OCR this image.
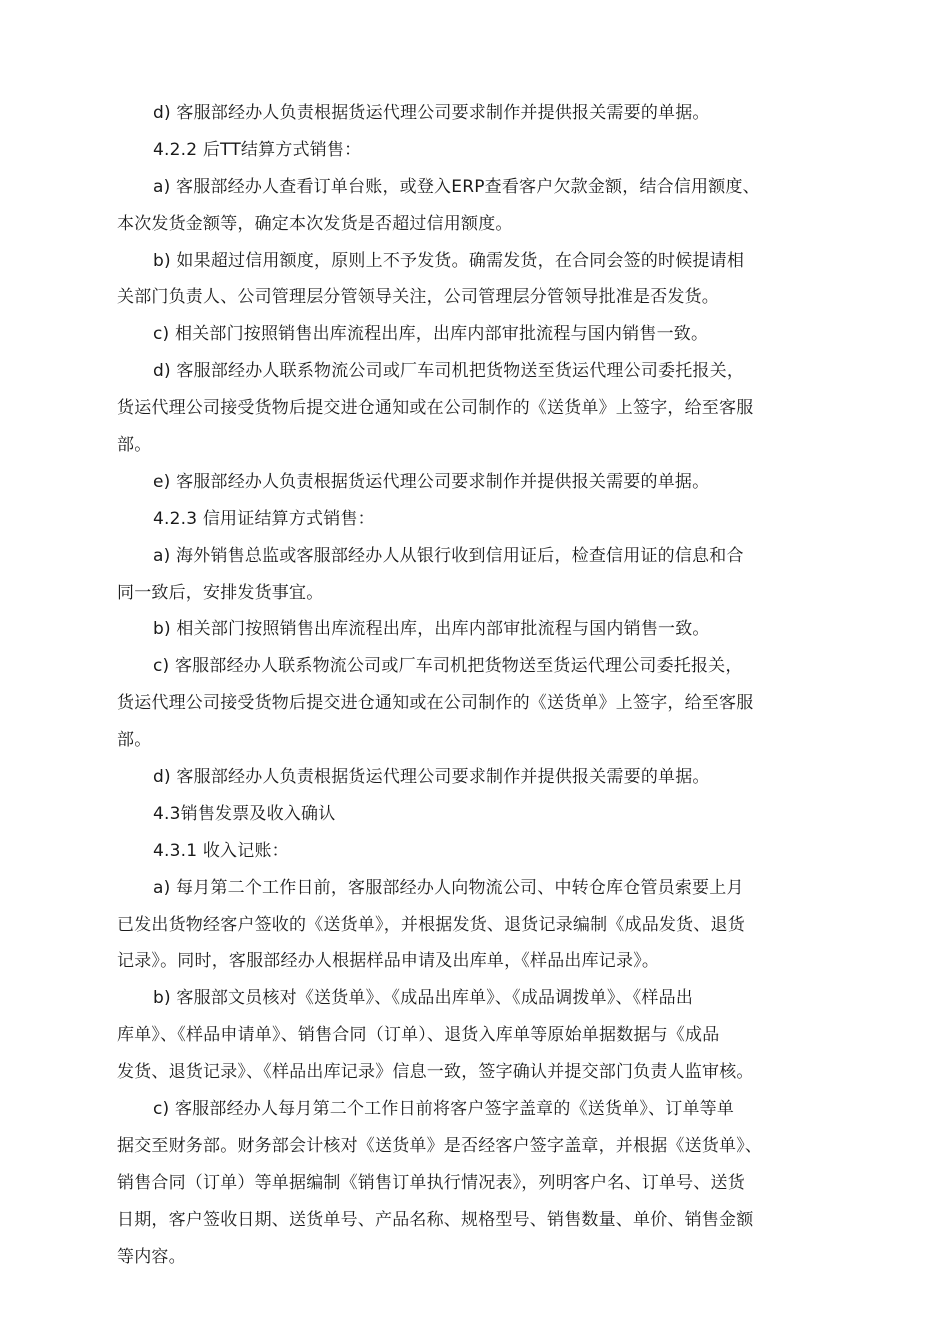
d) 客服部经办人负责根据货运代理公司要求制作并提供报关需要的单据。
4.2.2 后TT结算方式销售：
a) 客服部经办人查看订单台账，或登入ERP查看客户欠款金额，结合信用额度、
本次发货金额等，确定本次发货是否超过信用额度。
b) 如果超过信用额度，原则上不予发货。确需发货，在合同会签的时候提请相
关部门负责人、公司管理层分管领导关注，公司管理层分管领导批准是否发货。
c) 相关部门按照销售出库流程出库，出库内部审批流程与国内销售一致。
d) 客服部经办人联系物流公司或厂车司机把货物送至货运代理公司委托报关，
货运代理公司接受货物后提交进仓通知或在公司制作的《送货单》上签字，给至客服
部。
e) 客服部经办人负责根据货运代理公司要求制作并提供报关需要的单据。
4.2.3 信用证结算方式销售：
a) 海外销售总监或客服部经办人从银行收到信用证后，检查信用证的信息和合
同一致后，安排发货事宜。
b) 相关部门按照销售出库流程出库，出库内部审批流程与国内销售一致。
c) 客服部经办人联系物流公司或厂车司机把货物送至货运代理公司委托报关，
货运代理公司接受货物后提交进仓通知或在公司制作的《送货单》上签字，给至客服
部。
d) 客服部经办人负责根据货运代理公司要求制作并提供报关需要的单据。
4.3销售发票及收入确认
4.3.1 收入记账：
a) 每月第二个工作日前，客服部经办人向物流公司、中转仓库仓管员索要上月
已发出货物经客户签收的《送货单》，并根据发货、退货记录编制《成品发货、退货
记录》。同时，客服部经办人根据样品申请及出库单，《样品出库记录》。
b) 客服部文员核对《送货单》、《成品出库单》、《成品调拨单》、《样品出
库单》、《样品申请单》、销售合同（订单）、退货入库单等原始单据数据与《成品
发货、退货记录》、《样品出库记录》信息一致，签字确认并提交部门负责人监审核。
c) 客服部经办人每月第二个工作日前将客户签字盖章的《送货单》、订单等单
据交至财务部。财务部会计核对《送货单》是否经客户签字盖章，并根据《送货单》、
销售合同（订单）等单据编制《销售订单执行情况表》，列明客户名、订单号、送货
日期，客户签收日期、送货单号、产品名称、规格型号、销售数量、单价、销售金额
等内容。
